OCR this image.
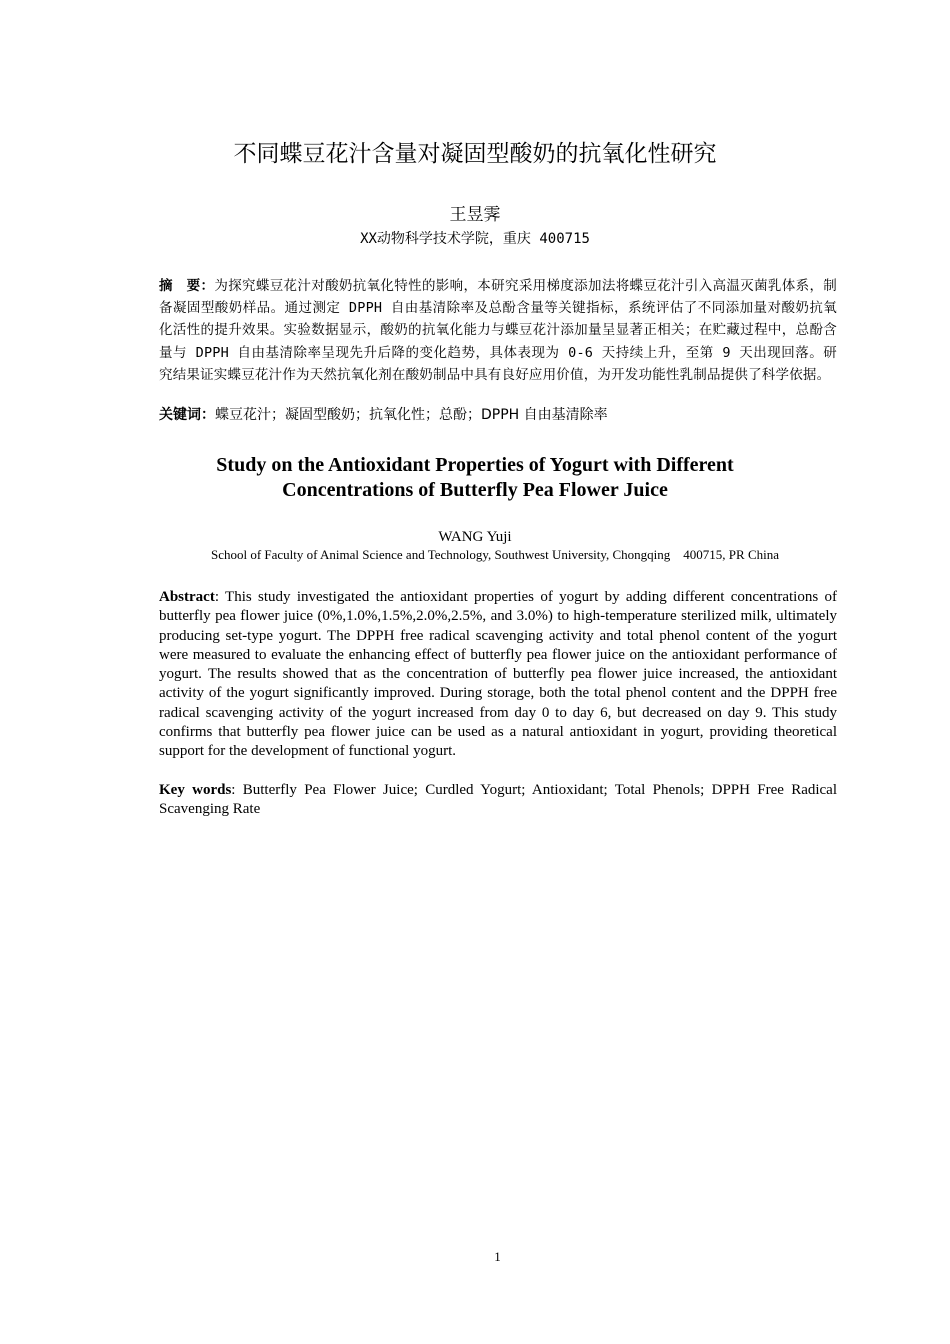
不同蝶豆花汁含量对凝固型酸奶的抗氧化性研究
王昱霁
XX动物科学技术学院，重庆 400715
摘　要：为探究蝶豆花汁对酸奶抗氧化特性的影响，本研究采用梯度添加法将蝶豆花汁引入高温灭菌乳体系，制备凝固型酸奶样品。通过测定 DPPH 自由基清除率及总酚含量等关键指标，系统评估了不同添加量对酸奶抗氧化活性的提升效果。实验数据显示，酸奶的抗氧化能力与蝶豆花汁添加量呈显著正相关；在贮藏过程中，总酚含量与 DPPH 自由基清除率呈现先升后降的变化趋势，具体表现为 0-6 天持续上升，至第 9 天出现回落。研究结果证实蝶豆花汁作为天然抗氧化剂在酸奶制品中具有良好应用价值，为开发功能性乳制品提供了科学依据。
关键词：蝶豆花汁；凝固型酸奶；抗氧化性；总酚；DPPH 自由基清除率
Study on the Antioxidant Properties of Yogurt with Different
Concentrations of Butterfly Pea Flower Juice
WANG Yuji
School of Faculty of Animal Science and Technology, Southwest University, Chongqing　400715, PR China
Abstract: This study investigated the antioxidant properties of yogurt by adding different concentrations of butterfly pea flower juice (0%,1.0%,1.5%,2.0%,2.5%, and 3.0%) to high-temperature sterilized milk, ultimately producing set-type yogurt. The DPPH free radical scavenging activity and total phenol content of the yogurt were measured to evaluate the enhancing effect of butterfly pea flower juice on the antioxidant performance of yogurt. The results showed that as the concentration of butterfly pea flower juice increased, the antioxidant activity of the yogurt significantly improved. During storage, both the total phenol content and the DPPH free radical scavenging activity of the yogurt increased from day 0 to day 6, but decreased on day 9. This study confirms that butterfly pea flower juice can be used as a natural antioxidant in yogurt, providing theoretical support for the development of functional yogurt.
Key words: Butterfly Pea Flower Juice; Curdled Yogurt; Antioxidant; Total Phenols; DPPH Free Radical Scavenging Rate
1
